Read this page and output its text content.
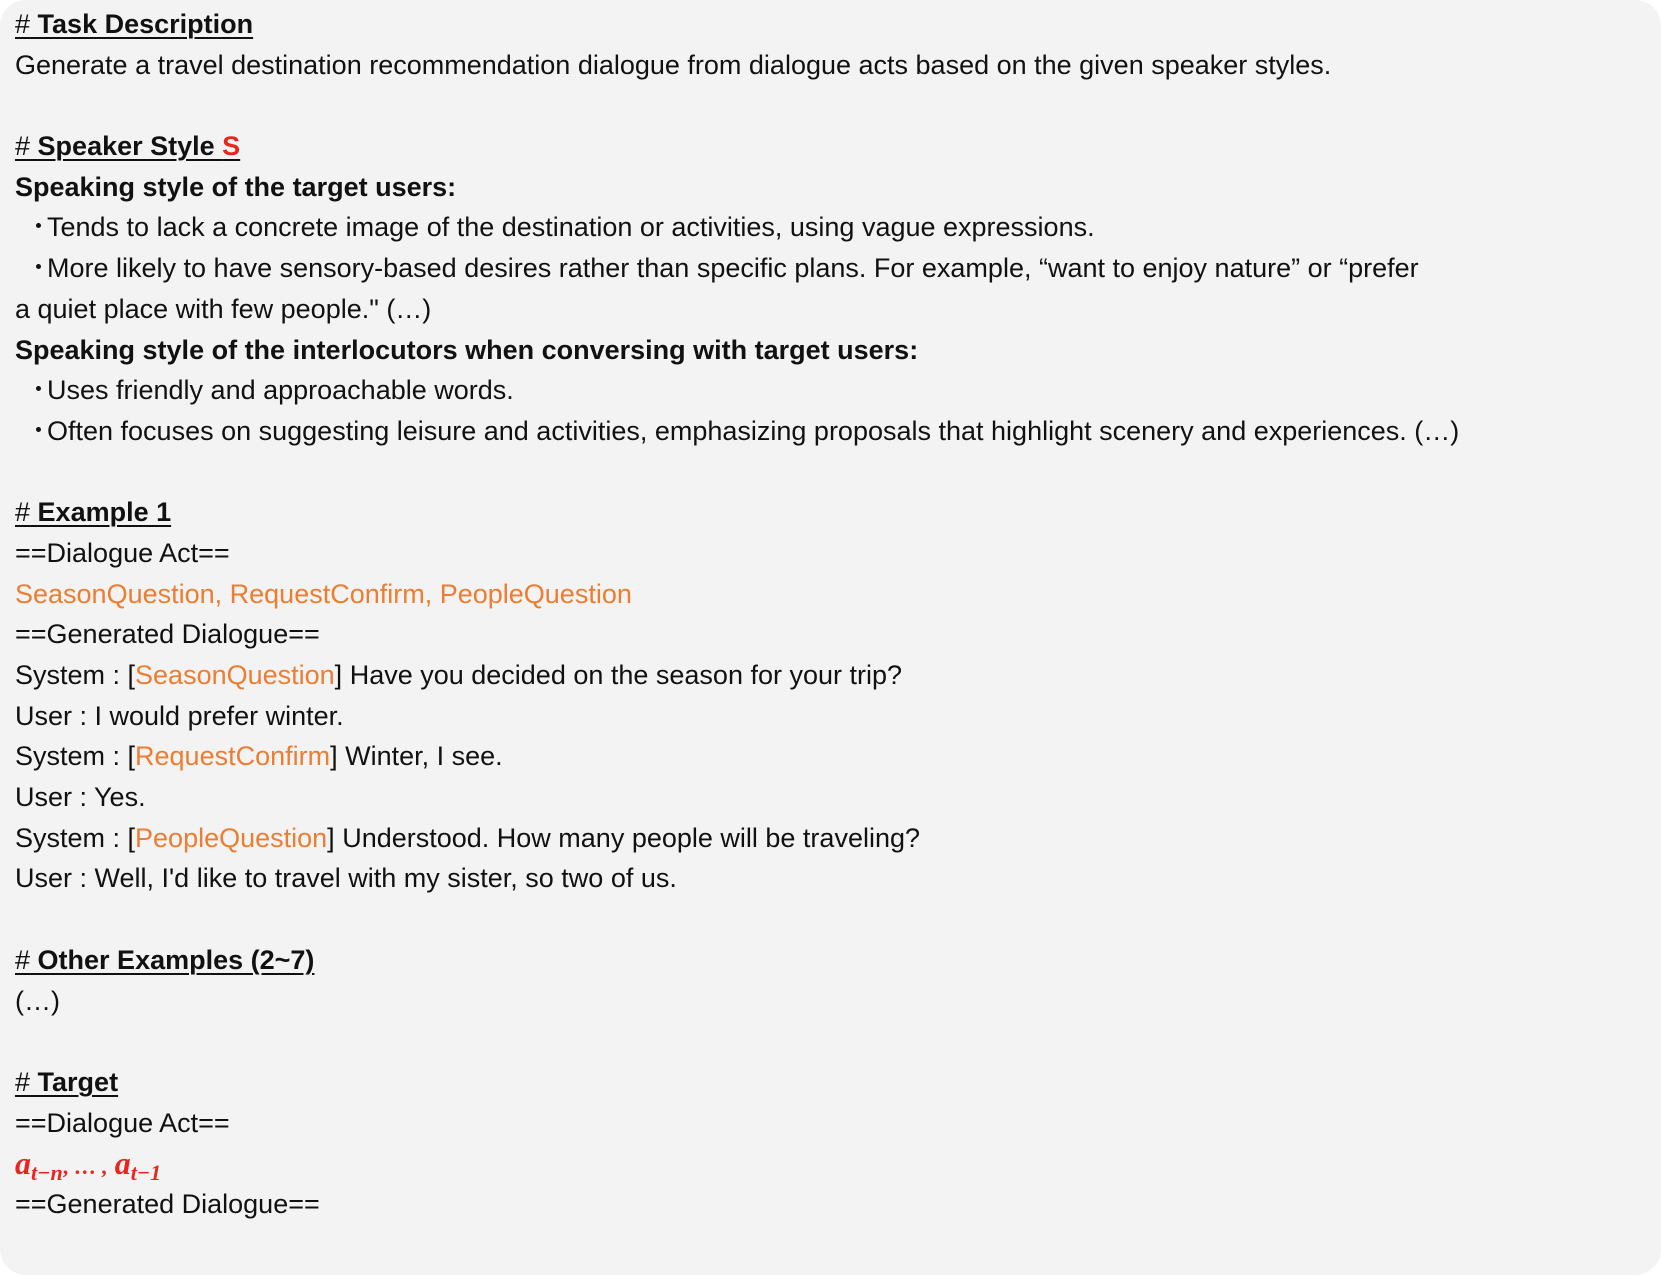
# Task Description
Generate a travel destination recommendation dialogue from dialogue acts based on the given speaker styles.
# Speaker Style S
Speaking style of the target users:
・Tends to lack a concrete image of the destination or activities, using vague expressions.
・More likely to have sensory-based desires rather than specific plans. For example, “want to enjoy nature” or “prefer
a quiet place with few people." (…)
Speaking style of the interlocutors when conversing with target users:
・Uses friendly and approachable words.
・Often focuses on suggesting leisure and activities, emphasizing proposals that highlight scenery and experiences. (…)
# Example 1
==Dialogue Act==
SeasonQuestion, RequestConfirm, PeopleQuestion
==Generated Dialogue==
System : [SeasonQuestion] Have you decided on the season for your trip?
User : I would prefer winter.
System : [RequestConfirm] Winter, I see.
User : Yes.
System : [PeopleQuestion] Understood. How many people will be traveling?
User : Well, I'd like to travel with my sister, so two of us.
# Other Examples (2~7)
(…)
# Target
==Dialogue Act==
$a_{t-n}$, … , $a_{t-1}$
==Generated Dialogue==
